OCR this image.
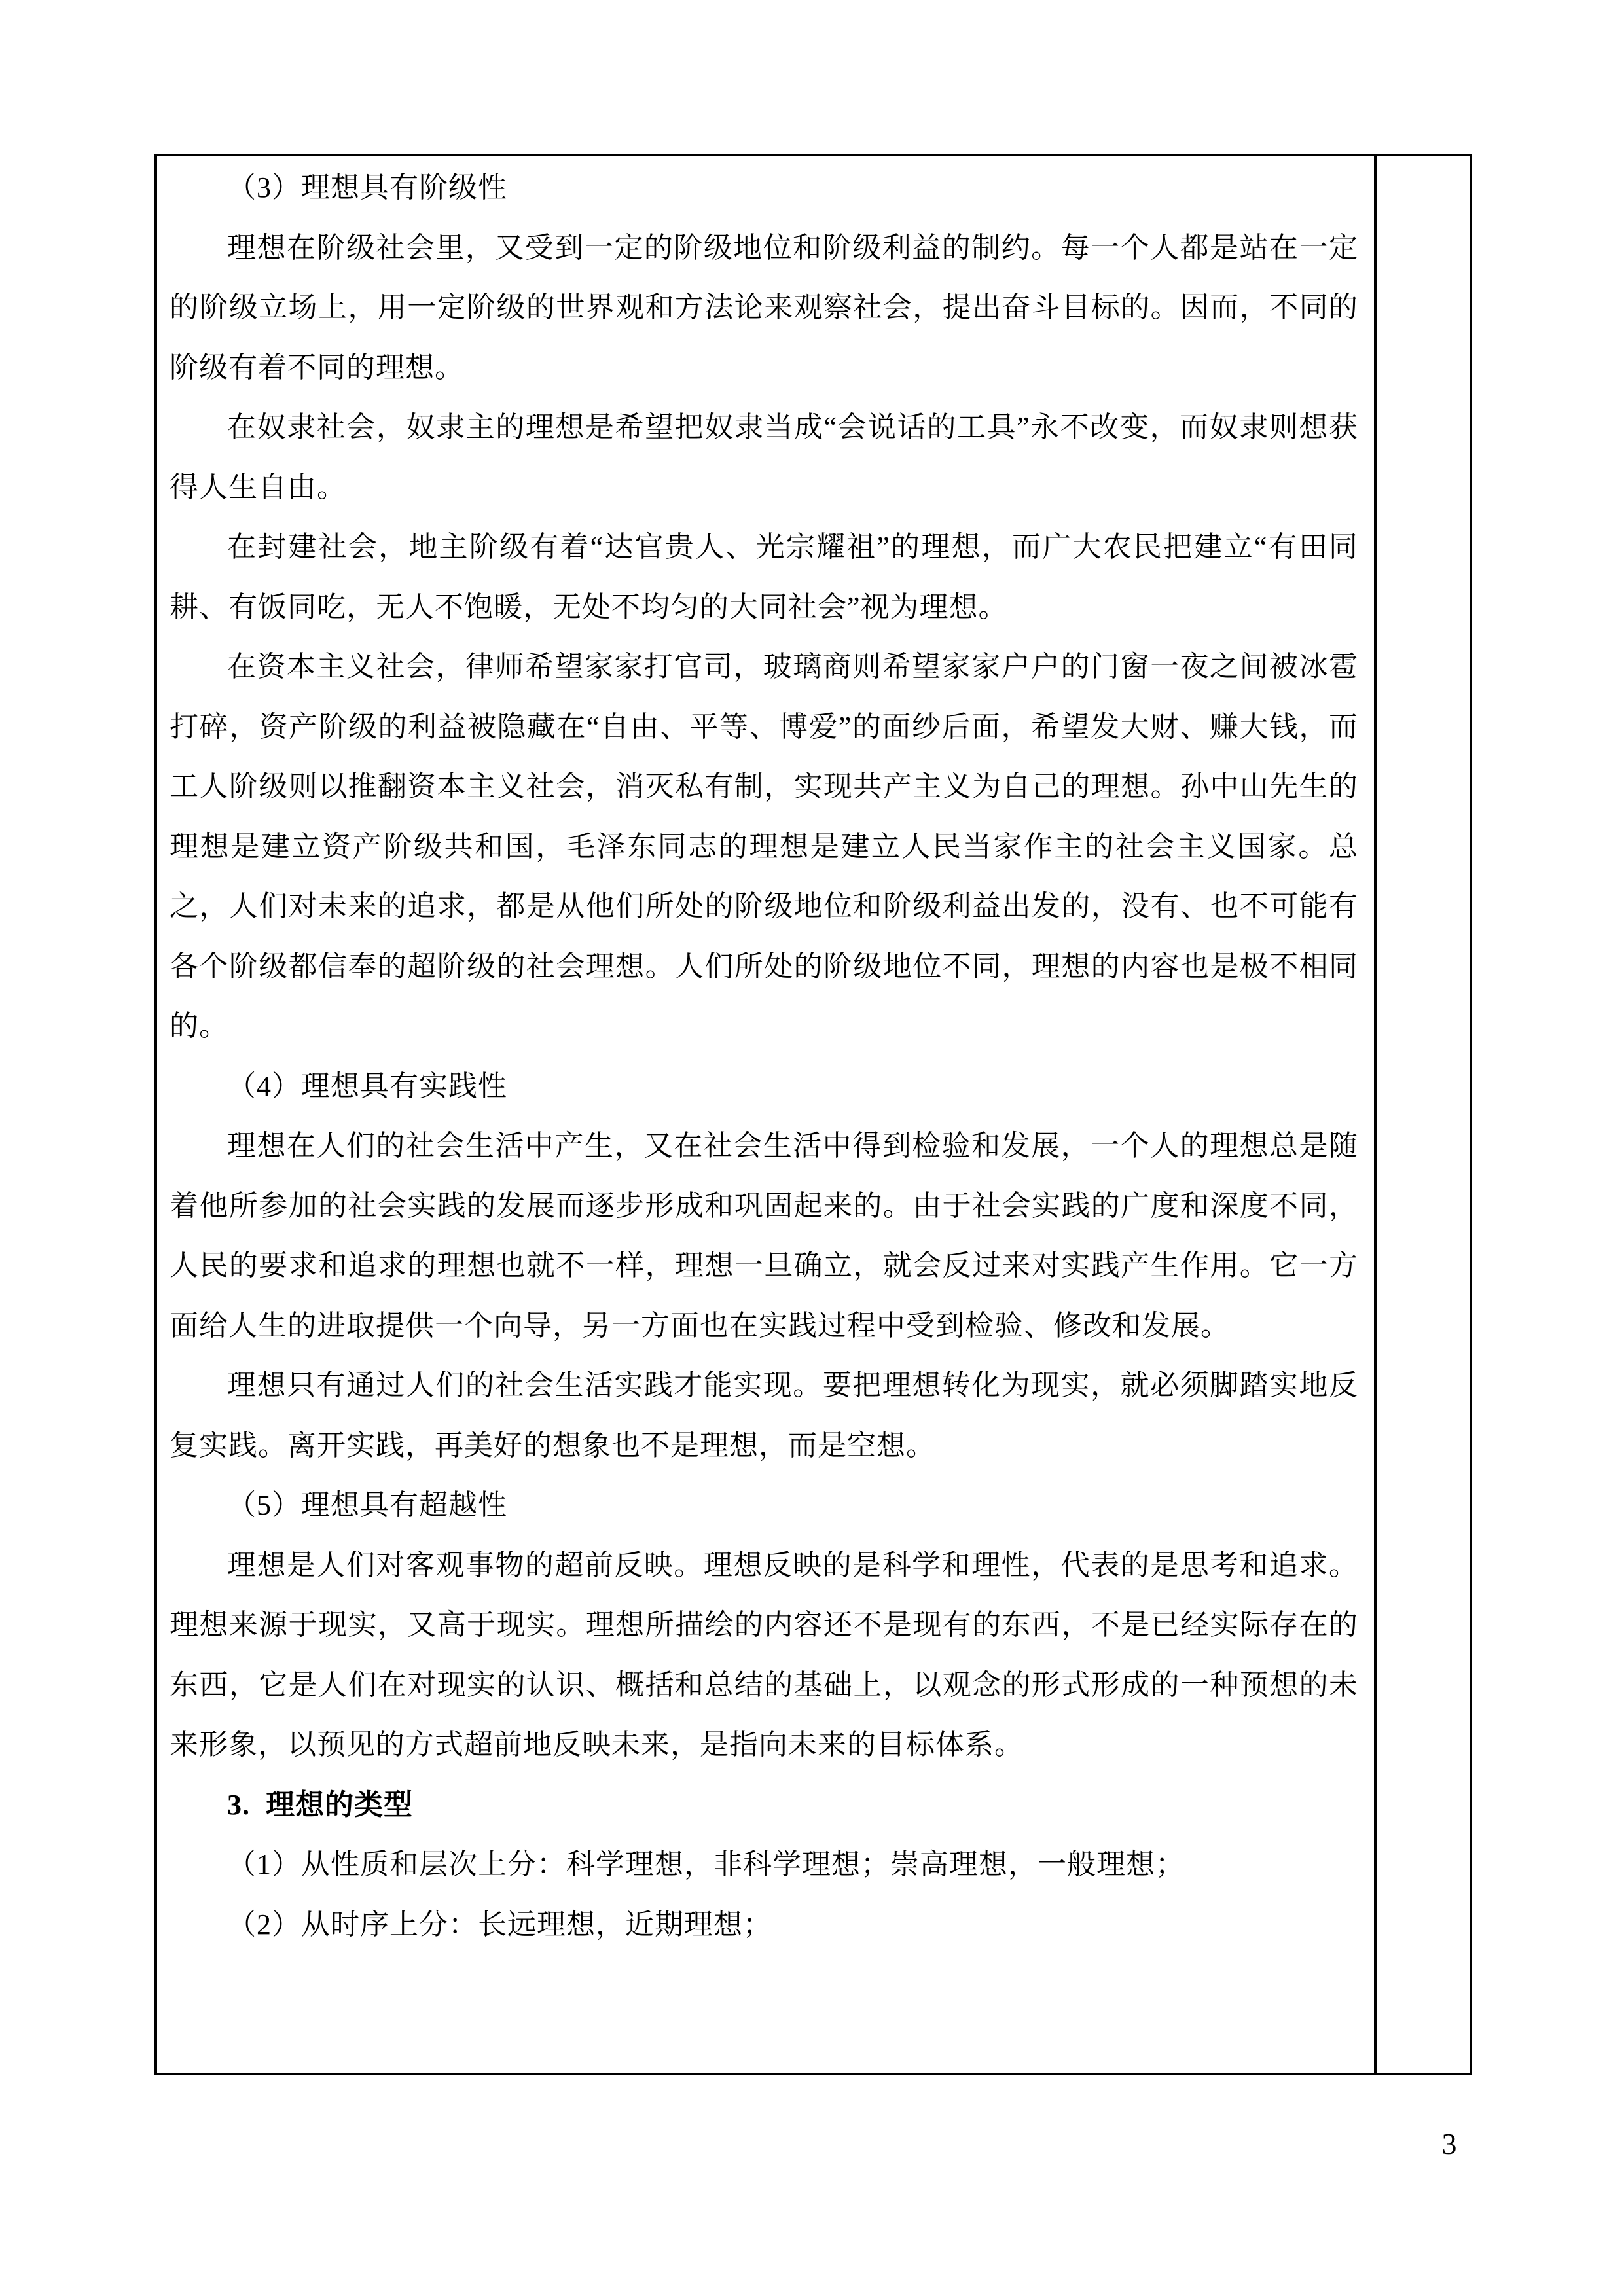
（3）理想具有阶级性

理想在阶级社会里，又受到一定的阶级地位和阶级利益的制约。每一个人都是站在一定的阶级立场上，用一定阶级的世界观和方法论来观察社会，提出奋斗目标的。因而，不同的阶级有着不同的理想。

在奴隶社会，奴隶主的理想是希望把奴隶当成“会说话的工具”永不改变，而奴隶则想获得人生自由。

在封建社会，地主阶级有着“达官贵人、光宗耀祖”的理想，而广大农民把建立“有田同耕、有饭同吃，无人不饱暖，无处不均匀的大同社会”视为理想。

在资本主义社会，律师希望家家打官司，玻璃商则希望家家户户的门窗一夜之间被冰雹打碎，资产阶级的利益被隐藏在“自由、平等、博爱”的面纱后面，希望发大财、赚大钱，而工人阶级则以推翻资本主义社会，消灭私有制，实现共产主义为自己的理想。孙中山先生的理想是建立资产阶级共和国，毛泽东同志的理想是建立人民当家作主的社会主义国家。总之，人们对未来的追求，都是从他们所处的阶级地位和阶级利益出发的，没有、也不可能有各个阶级都信奉的超阶级的社会理想。人们所处的阶级地位不同，理想的内容也是极不相同的。

（4）理想具有实践性

理想在人们的社会生活中产生，又在社会生活中得到检验和发展，一个人的理想总是随着他所参加的社会实践的发展而逐步形成和巩固起来的。由于社会实践的广度和深度不同，人民的要求和追求的理想也就不一样，理想一旦确立，就会反过来对实践产生作用。它一方面给人生的进取提供一个向导，另一方面也在实践过程中受到检验、修改和发展。

理想只有通过人们的社会生活实践才能实现。要把理想转化为现实，就必须脚踏实地反复实践。离开实践，再美好的想象也不是理想，而是空想。

（5）理想具有超越性

理想是人们对客观事物的超前反映。理想反映的是科学和理性，代表的是思考和追求。理想来源于现实，又高于现实。理想所描绘的内容还不是现有的东西，不是已经实际存在的东西，它是人们在对现实的认识、概括和总结的基础上，以观念的形式形成的一种预想的未来形象，以预见的方式超前地反映未来，是指向未来的目标体系。

3.  理想的类型

（1）从性质和层次上分：科学理想，非科学理想；崇高理想，一般理想；

（2）从时序上分：长远理想，近期理想；

3
